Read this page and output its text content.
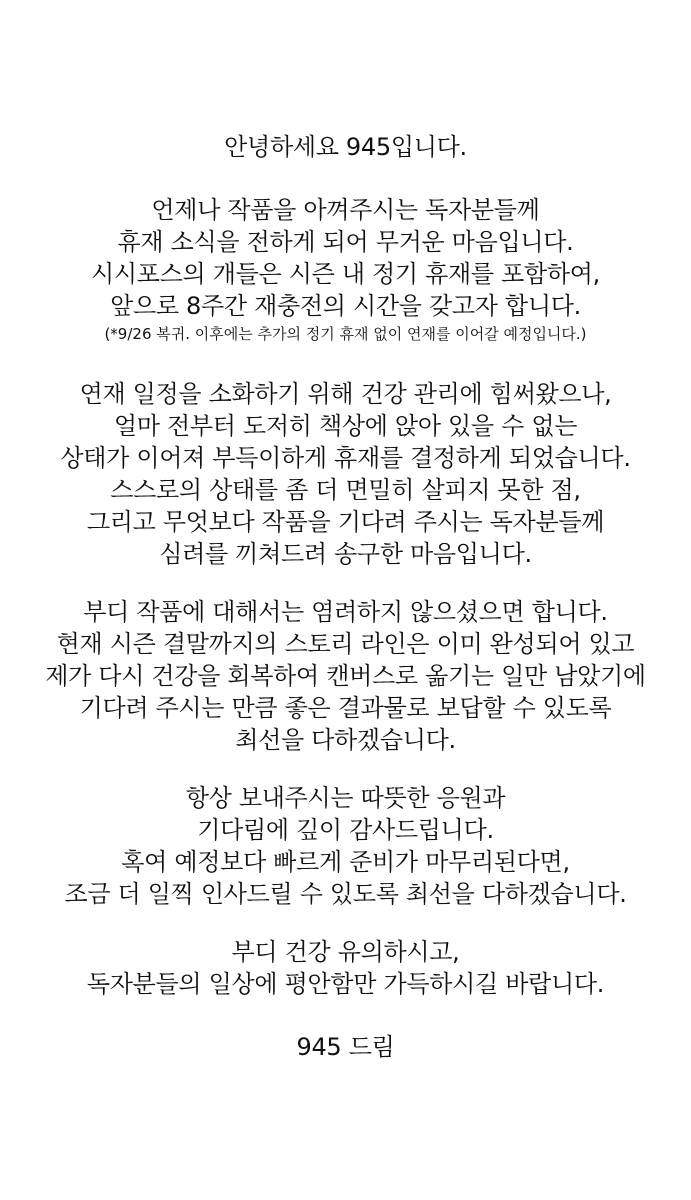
안녕하세요 945입니다.
언제나 작품을 아껴주시는 독자분들께
휴재 소식을 전하게 되어 무거운 마음입니다.
시시포스의 개들은 시즌 내 정기 휴재를 포함하여,
앞으로 8주간 재충전의 시간을 갖고자 합니다.
(*9/26 복귀. 이후에는 추가의 정기 휴재 없이 연재를 이어갈 예정입니다.)
연재 일정을 소화하기 위해 건강 관리에 힘써왔으나,
얼마 전부터 도저히 책상에 앉아 있을 수 없는
상태가 이어져 부득이하게 휴재를 결정하게 되었습니다.
스스로의 상태를 좀 더 면밀히 살피지 못한 점,
그리고 무엇보다 작품을 기다려 주시는 독자분들께
심려를 끼쳐드려 송구한 마음입니다.
부디 작품에 대해서는 염려하지 않으셨으면 합니다.
현재 시즌 결말까지의 스토리 라인은 이미 완성되어 있고
제가 다시 건강을 회복하여 캔버스로 옮기는 일만 남았기에
기다려 주시는 만큼 좋은 결과물로 보답할 수 있도록
최선을 다하겠습니다.
항상 보내주시는 따뜻한 응원과
기다림에 깊이 감사드립니다.
혹여 예정보다 빠르게 준비가 마무리된다면,
조금 더 일찍 인사드릴 수 있도록 최선을 다하겠습니다.
부디 건강 유의하시고,
독자분들의 일상에 평안함만 가득하시길 바랍니다.
945 드림
